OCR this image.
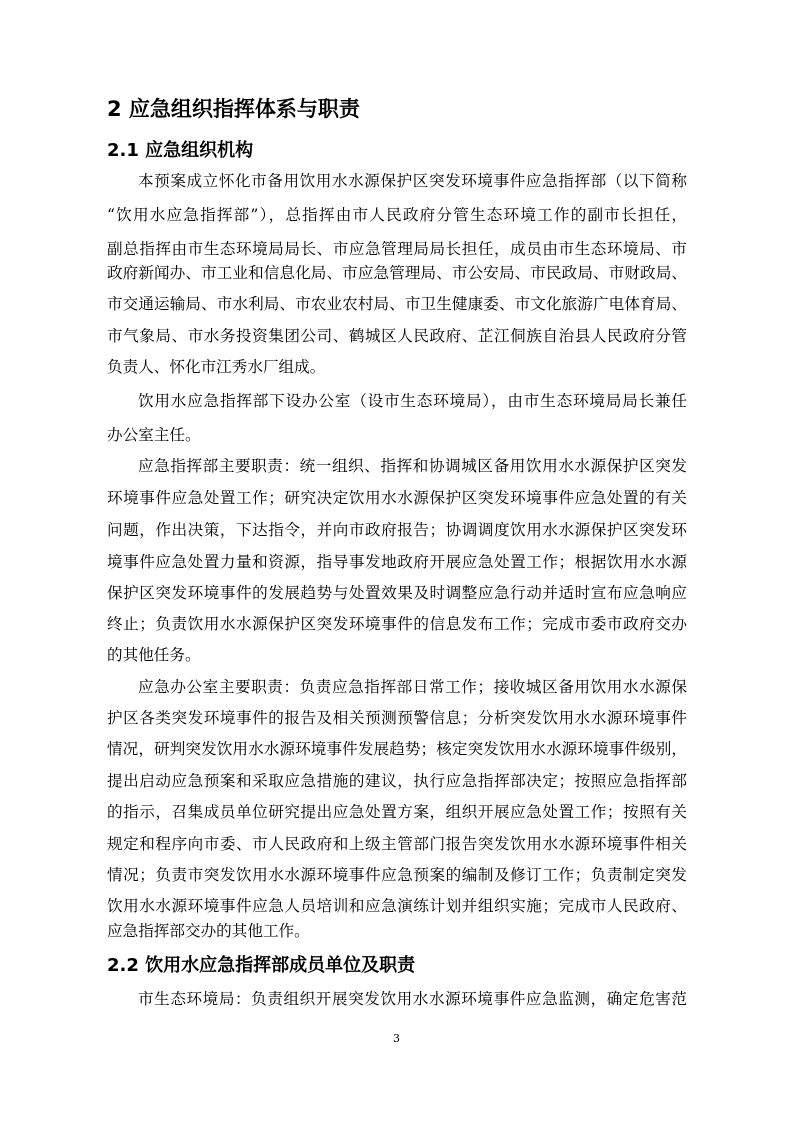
2 应急组织指挥体系与职责
2.1 应急组织机构
本预案成立怀化市备用饮用水水源保护区突发环境事件应急指挥部（以下简称
“饮用水应急指挥部”），总指挥由市人民政府分管生态环境工作的副市长担任，
副总指挥由市生态环境局局长、市应急管理局局长担任，成员由市生态环境局、市
政府新闻办、市工业和信息化局、市应急管理局、市公安局、市民政局、市财政局、
市交通运输局、市水利局、市农业农村局、市卫生健康委、市文化旅游广电体育局、
市气象局、市水务投资集团公司、鹤城区人民政府、芷江侗族自治县人民政府分管
负责人、怀化市江秀水厂组成。
饮用水应急指挥部下设办公室（设市生态环境局），由市生态环境局局长兼任
办公室主任。
应急指挥部主要职责：统一组织、指挥和协调城区备用饮用水水源保护区突发
环境事件应急处置工作；研究决定饮用水水源保护区突发环境事件应急处置的有关
问题，作出决策，下达指令，并向市政府报告；协调调度饮用水水源保护区突发环
境事件应急处置力量和资源，指导事发地政府开展应急处置工作；根据饮用水水源
保护区突发环境事件的发展趋势与处置效果及时调整应急行动并适时宣布应急响应
终止；负责饮用水水源保护区突发环境事件的信息发布工作；完成市委市政府交办
的其他任务。
应急办公室主要职责：负责应急指挥部日常工作；接收城区备用饮用水水源保
护区各类突发环境事件的报告及相关预测预警信息；分析突发饮用水水源环境事件
情况，研判突发饮用水水源环境事件发展趋势；核定突发饮用水水源环境事件级别，
提出启动应急预案和采取应急措施的建议，执行应急指挥部决定；按照应急指挥部
的指示，召集成员单位研究提出应急处置方案，组织开展应急处置工作；按照有关
规定和程序向市委、市人民政府和上级主管部门报告突发饮用水水源环境事件相关
情况；负责市突发饮用水水源环境事件应急预案的编制及修订工作；负责制定突发
饮用水水源环境事件应急人员培训和应急演练计划并组织实施；完成市人民政府、
应急指挥部交办的其他工作。
2.2 饮用水应急指挥部成员单位及职责
市生态环境局：负责组织开展突发饮用水水源环境事件应急监测，确定危害范
3
